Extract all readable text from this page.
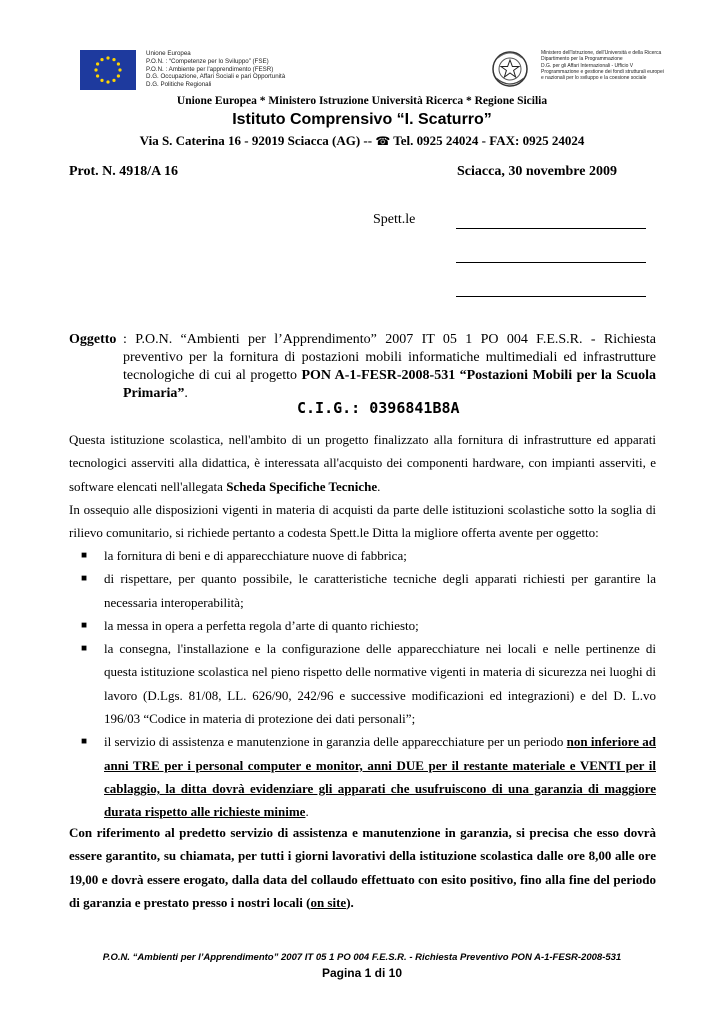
Unione Europea
P.O.N. : “Competenze per lo Sviluppo” (FSE)
P.O.N. : Ambiente per l'apprendimento (FESR)
D.G. Occupazione, Affari Sociali e pari Opportunità
D.G. Politiche Regionali
Ministero dell'Istruzione, dell'Università e della Ricerca
Dipartimento per la Programmazione
D.G. per gli Affari Internazionali - Ufficio V
Programmazione e gestione dei fondi strutturali europei
e nazionali per lo sviluppo e la coesione sociale
Unione Europea * Ministero Istruzione Università Ricerca * Regione Sicilia
Istituto Comprensivo “I. Scaturro”
Via S. Caterina 16 - 92019 Sciacca (AG) -- ☎ Tel. 0925 24024 - FAX: 0925 24024
Prot. N. 4918/A 16	Sciacca, 30 novembre 2009
Spett.le
Oggetto : P.O.N. “Ambienti per l’Apprendimento” 2007 IT 05 1 PO 004 F.E.S.R. - Richiesta preventivo per la fornitura di postazioni mobili informatiche multimediali ed infrastrutture tecnologiche di cui al progetto PON A-1-FESR-2008-531 “Postazioni Mobili per la Scuola Primaria”.
C.I.G.: 0396841B8A

Questa istituzione scolastica, nell'ambito di un progetto finalizzato alla fornitura di infrastrutture ed apparati tecnologici asserviti alla didattica, è interessata all'acquisto dei componenti hardware, con impianti asserviti, e software elencati nell'allegata Scheda Specifiche Tecniche.

In ossequio alle disposizioni vigenti in materia di acquisti da parte delle istituzioni scolastiche sotto la soglia di rilievo comunitario, si richiede pertanto a codesta Spett.le Ditta la migliore offerta avente per oggetto:

■ la fornitura di beni e di apparecchiature nuove di fabbrica;
■ di rispettare, per quanto possibile, le caratteristiche tecniche degli apparati richiesti per garantire la necessaria interoperabilità;
■ la messa in opera a perfetta regola d’arte di quanto richiesto;
■ la consegna, l'installazione e la configurazione delle apparecchiature nei locali e nelle pertinenze di questa istituzione scolastica nel pieno rispetto delle normative vigenti in materia di sicurezza nei luoghi di lavoro (D.Lgs. 81/08, LL. 626/90, 242/96 e successive modificazioni ed integrazioni) e del D. L.vo 196/03 “Codice in materia di protezione dei dati personali”;
■ il servizio di assistenza e manutenzione in garanzia delle apparecchiature per un periodo non inferiore ad anni TRE per i personal computer e monitor, anni DUE per il restante materiale e VENTI per il cablaggio, la ditta dovrà evidenziare gli apparati che usufruiscono di una garanzia di maggiore durata rispetto alle richieste minime.
Con riferimento al predetto servizio di assistenza e manutenzione in garanzia, si precisa che esso dovrà essere garantito, su chiamata, per tutti i giorni lavorativi della istituzione scolastica dalle ore 8,00 alle ore 19,00 e dovrà essere erogato, dalla data del collaudo effettuato con esito positivo, fino alla fine del periodo di garanzia e prestato presso i nostri locali (on site).
P.O.N. “Ambienti per l’Apprendimento” 2007 IT 05 1 PO 004 F.E.S.R. - Richiesta Preventivo PON A-1-FESR-2008-531
Pagina 1 di 10
